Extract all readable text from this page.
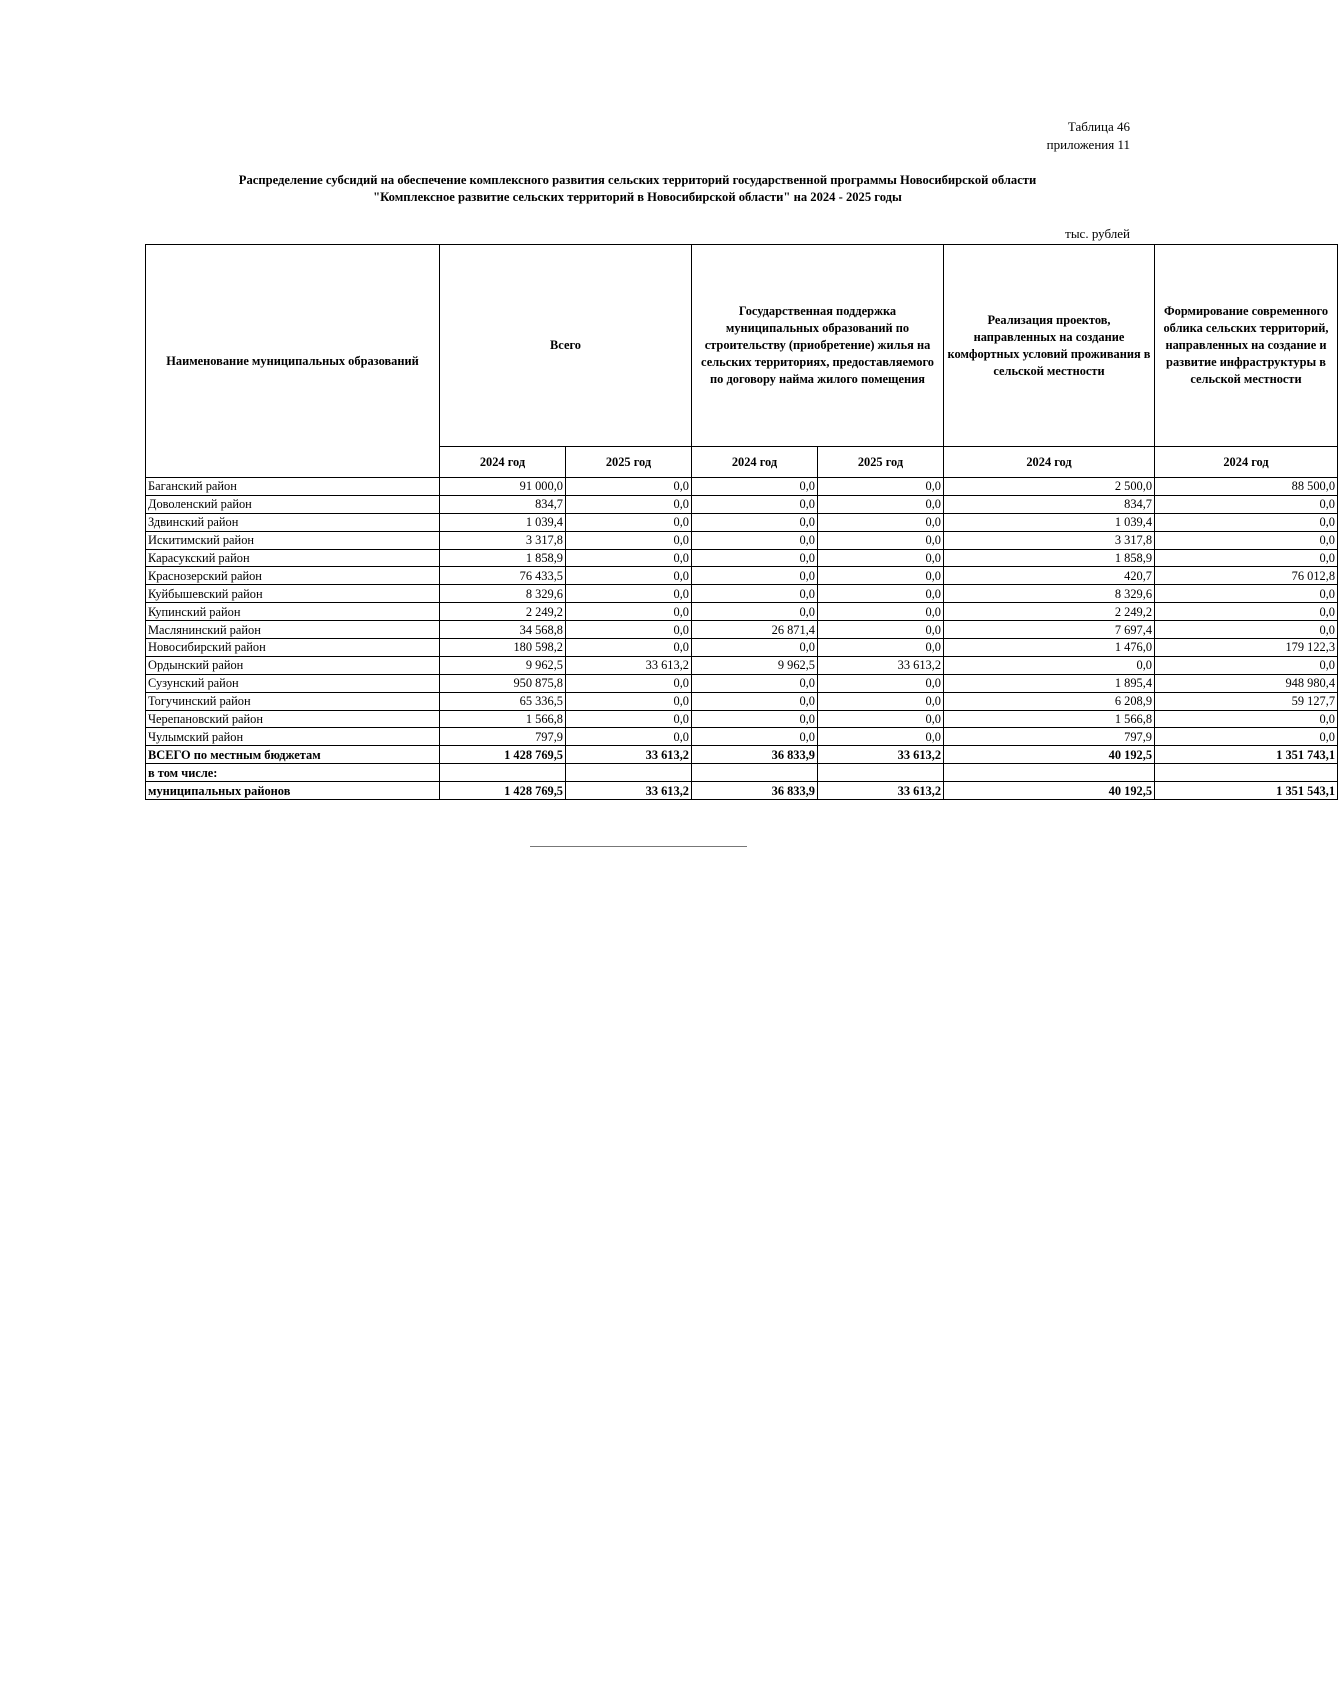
Таблица 46
приложения 11
Распределение субсидий на обеспечение комплексного развития сельских территорий государственной программы Новосибирской области
"Комплексное развитие сельских территорий в Новосибирской области" на 2024 - 2025 годы
тыс. рублей
Наименование муниципальных образований	Всего		Государственная поддержка муниципальных образований по строительству (приобретение) жилья на сельских территориях, предоставляемого по договору найма жилого помещения		Реализация проектов, направленных на создание комфортных условий проживания в сельской местности	Формирование современного облика сельских территорий, направленных на создание и развитие инфраструктуры в сельской местности
	2024 год	2025 год	2024 год	2025 год	2024 год	2024 год
Баганский район	91 000,0	0,0	0,0	0,0	2 500,0	88 500,0
Доволенский район	834,7	0,0	0,0	0,0	834,7	0,0
Здвинский район	1 039,4	0,0	0,0	0,0	1 039,4	0,0
Искитимский район	3 317,8	0,0	0,0	0,0	3 317,8	0,0
Карасукский район	1 858,9	0,0	0,0	0,0	1 858,9	0,0
Краснозерский район	76 433,5	0,0	0,0	0,0	420,7	76 012,8
Куйбышевский район	8 329,6	0,0	0,0	0,0	8 329,6	0,0
Купинский район	2 249,2	0,0	0,0	0,0	2 249,2	0,0
Маслянинский район	34 568,8	0,0	26 871,4	0,0	7 697,4	0,0
Новосибирский район	180 598,2	0,0	0,0	0,0	1 476,0	179 122,3
Ордынский район	9 962,5	33 613,2	9 962,5	33 613,2	0,0	0,0
Сузунский район	950 875,8	0,0	0,0	0,0	1 895,4	948 980,4
Тогучинский район	65 336,5	0,0	0,0	0,0	6 208,9	59 127,7
Черепановский район	1 566,8	0,0	0,0	0,0	1 566,8	0,0
Чулымский район	797,9	0,0	0,0	0,0	797,9	0,0
ВСЕГО по местным бюджетам	1 428 769,5	33 613,2	36 833,9	33 613,2	40 192,5	1 351 743,1
в том числе:						
муниципальных районов	1 428 769,5	33 613,2	36 833,9	33 613,2	40 192,5	1 351 543,1
